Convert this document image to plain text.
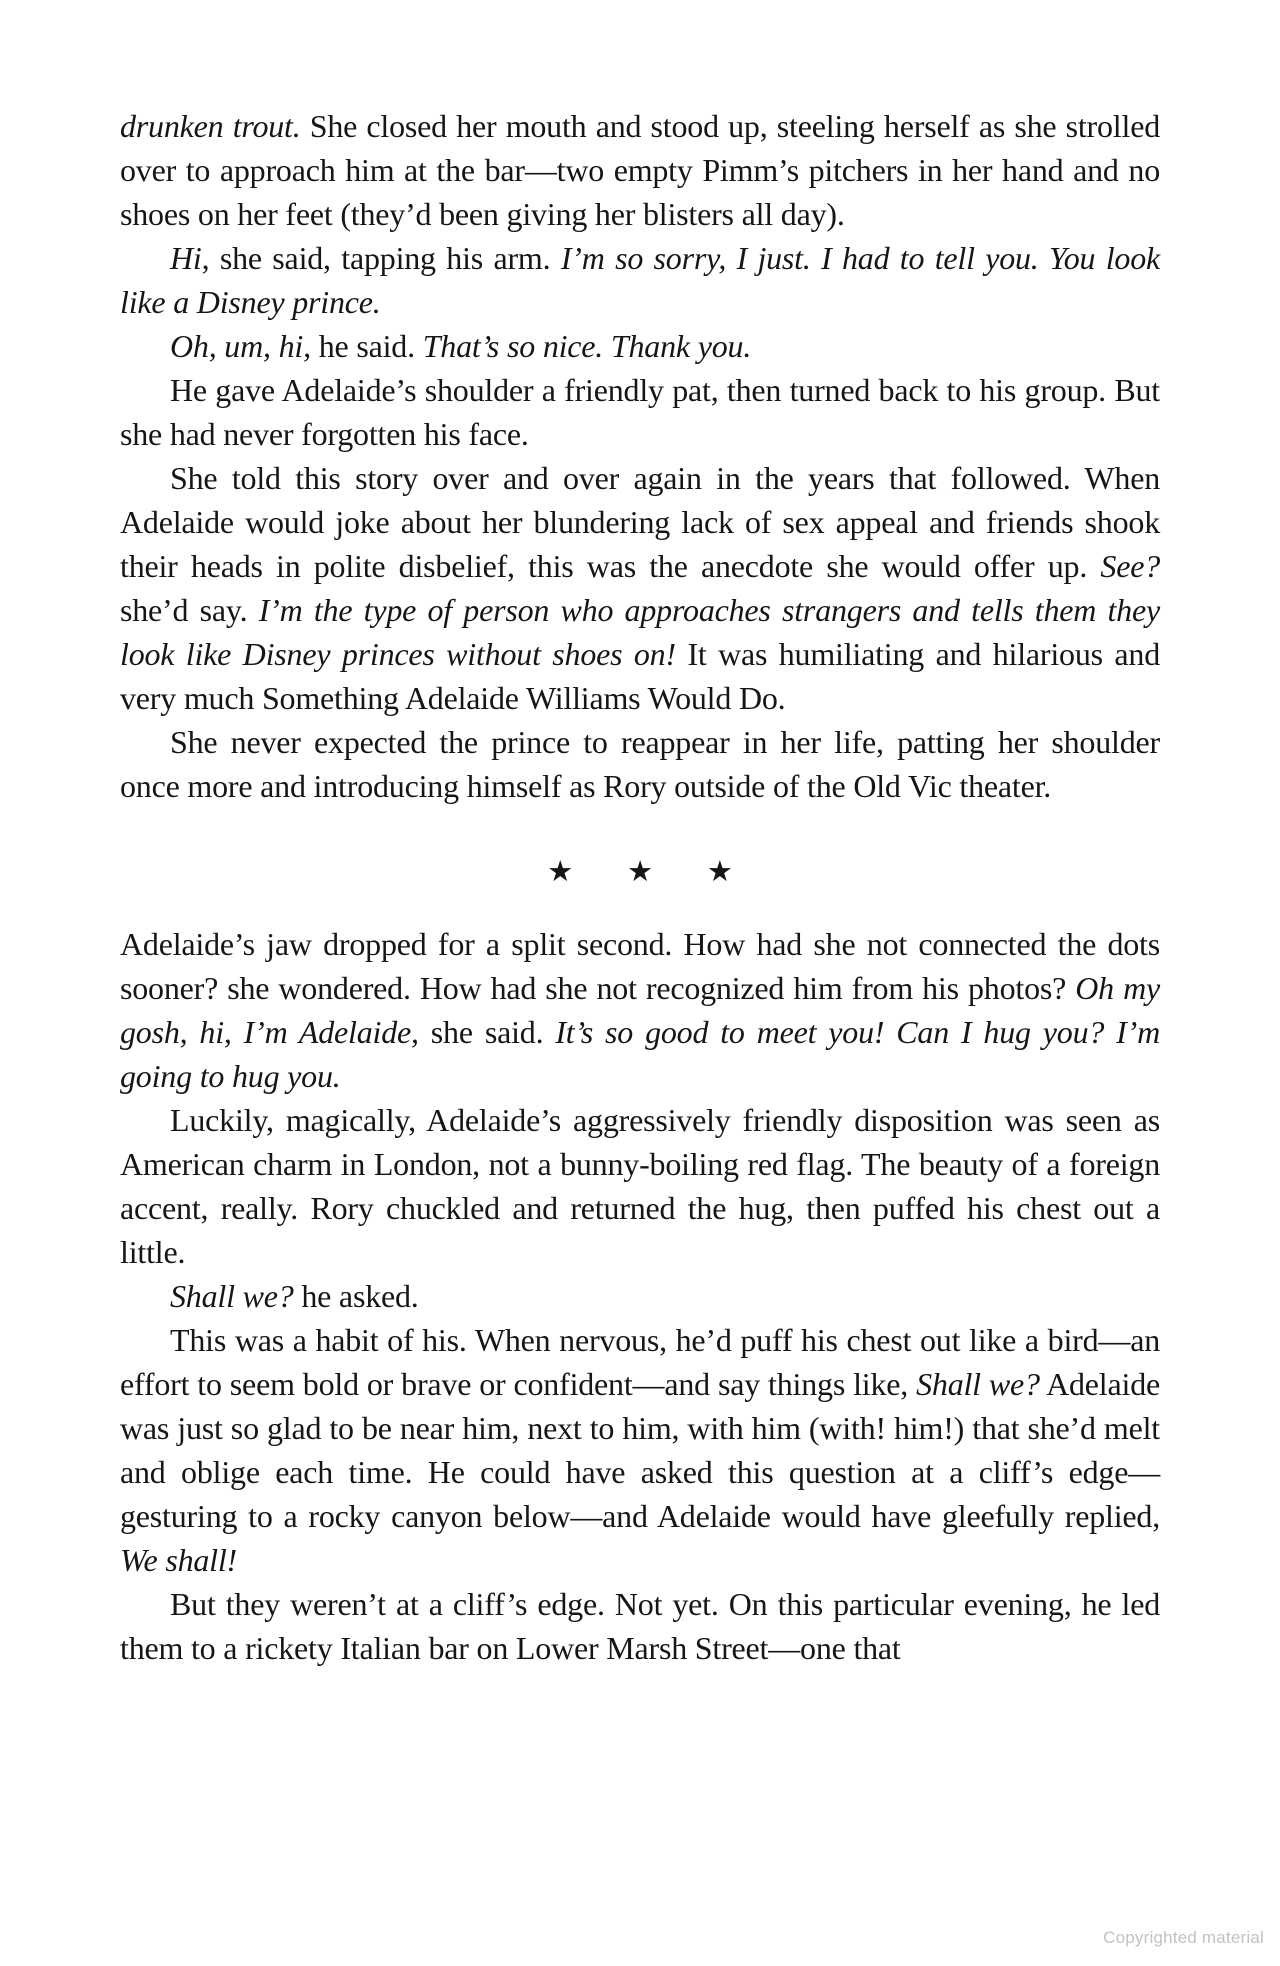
drunken trout. She closed her mouth and stood up, steeling herself as she strolled over to approach him at the bar—two empty Pimm’s pitchers in her hand and no shoes on her feet (they’d been giving her blisters all day).

Hi, she said, tapping his arm. I’m so sorry, I just. I had to tell you. You look like a Disney prince.

Oh, um, hi, he said. That’s so nice. Thank you.

He gave Adelaide’s shoulder a friendly pat, then turned back to his group. But she had never forgotten his face.

She told this story over and over again in the years that followed. When Adelaide would joke about her blundering lack of sex appeal and friends shook their heads in polite disbelief, this was the anecdote she would offer up. See? she’d say. I’m the type of person who approaches strangers and tells them they look like Disney princes without shoes on! It was humiliating and hilarious and very much Something Adelaide Williams Would Do.

She never expected the prince to reappear in her life, patting her shoulder once more and introducing himself as Rory outside of the Old Vic theater.

★ ★ ★

Adelaide’s jaw dropped for a split second. How had she not connected the dots sooner? she wondered. How had she not recognized him from his photos? Oh my gosh, hi, I’m Adelaide, she said. It’s so good to meet you! Can I hug you? I’m going to hug you.

Luckily, magically, Adelaide’s aggressively friendly disposition was seen as American charm in London, not a bunny-boiling red flag. The beauty of a foreign accent, really. Rory chuckled and returned the hug, then puffed his chest out a little.

Shall we? he asked.

This was a habit of his. When nervous, he’d puff his chest out like a bird—an effort to seem bold or brave or confident—and say things like, Shall we? Adelaide was just so glad to be near him, next to him, with him (with! him!) that she’d melt and oblige each time. He could have asked this question at a cliff’s edge—gesturing to a rocky canyon below—and Adelaide would have gleefully replied, We shall!

But they weren’t at a cliff’s edge. Not yet. On this particular evening, he led them to a rickety Italian bar on Lower Marsh Street—one that

Copyrighted material
